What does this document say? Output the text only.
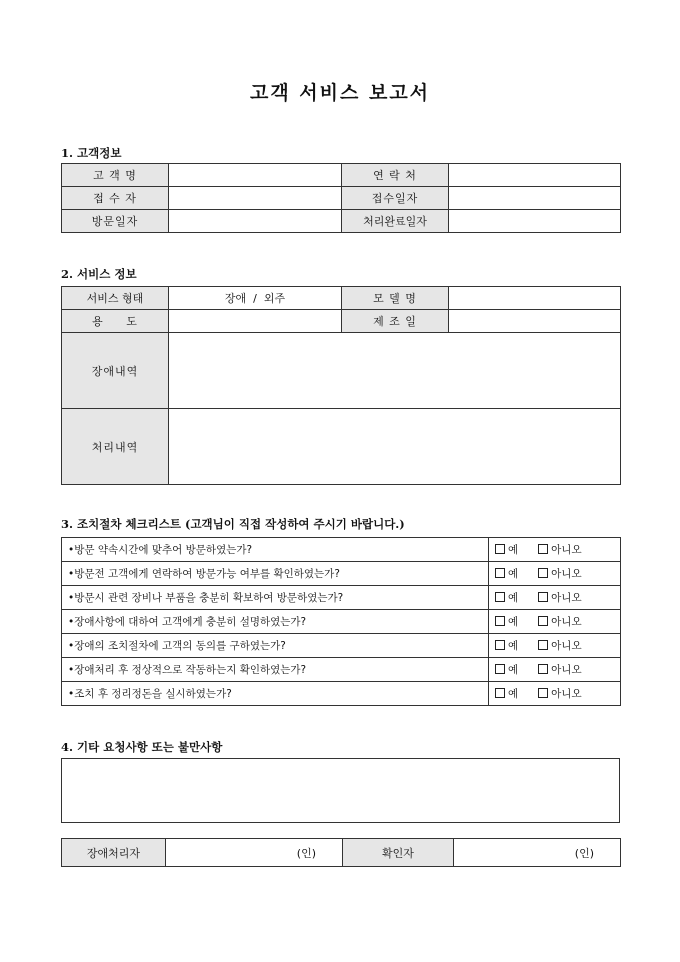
고객 서비스 보고서
1. 고객정보
고 객 명		연 락 처	
접 수 자		접수일자	
방문일자		처리완료일자	
2. 서비스 정보
서비스 형태	장애  /  외주	모 델 명	
용     도		제 조 일	
장애내역			
처리내역			
3. 조치절차 체크리스트 (고객님이 직접 작성하여 주시기 바랍니다.)
•방문 약속시간에 맞추어 방문하였는가?	예 아니오
•방문전 고객에게 연락하여 방문가능 여부를 확인하였는가?	예 아니오
•방문시 관련 장비나 부품을 충분히 확보하여 방문하였는가?	예 아니오
•장애사항에 대하여 고객에게 충분히 설명하였는가?	예 아니오
•장애의 조치절차에 고객의 동의를 구하였는가?	예 아니오
•장애처리 후 정상적으로 작동하는지 확인하였는가?	예 아니오
•조치 후 정리정돈을 실시하였는가?	예 아니오
4. 기타 요청사항 또는 불만사항
장애처리자	(인)	확인자	(인)
